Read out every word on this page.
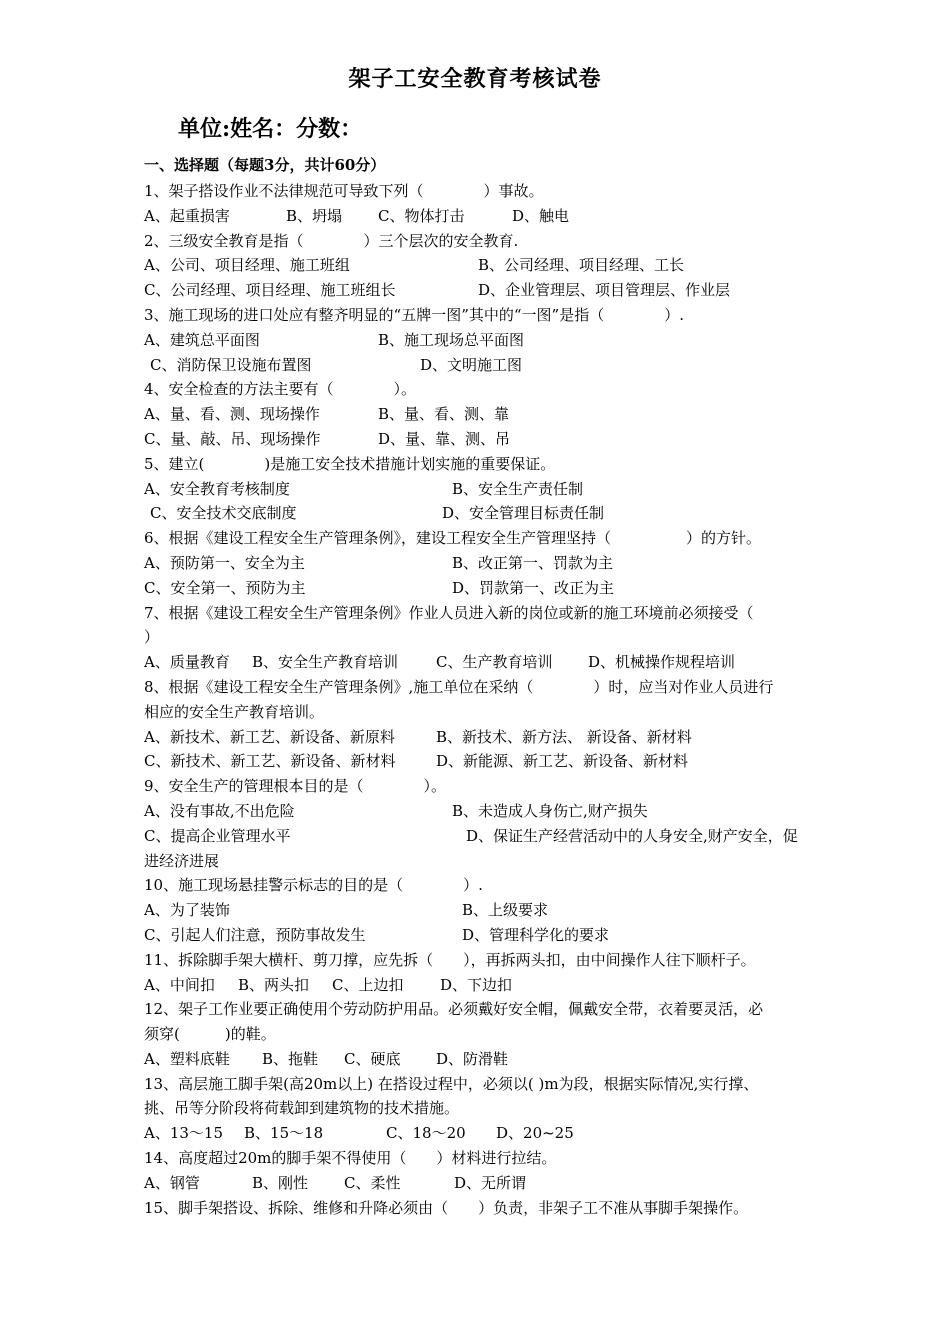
架子工安全教育考核试卷
单位:姓名：分数：
一、选择题（每题3分，共计60分）
1、架子搭设作业不法律规范可导致下列（　　　　）事故。
A、起重损害	B、坍塌 C、物体打击	D、触电
2、三级安全教育是指（　　　　）三个层次的安全教育.
A、公司、项目经理、施工班组	B、公司经理、项目经理、工长
C、公司经理、项目经理、施工班组长	D、企业管理层、项目管理层、作业层
3、施工现场的进口处应有整齐明显的“五牌一图”其中的“一图”是指（　　　　）.
A、建筑总平面图	B、施工现场总平面图
C、消防保卫设施布置图	D、文明施工图
4、安全检查的方法主要有（　　　　）。
A、量、看、测、现场操作	B、量、看、测、靠
C、量、敲、吊、现场操作	D、量、靠、测、吊
5、建立(　　　　)是施工安全技术措施计划实施的重要保证。
A、安全教育考核制度	B、安全生产责任制
C、安全技术交底制度	D、安全管理目标责任制
6、根据《建设工程安全生产管理条例》，建设工程安全生产管理坚持（　　　　　）的方针。
A、预防第一、安全为主	B、改正第一、罚款为主
C、安全第一、预防为主	D、罚款第一、改正为主
7、根据《建设工程安全生产管理条例》作业人员进入新的岗位或新的施工环境前必须接受（
）
A、质量教育 B、安全生产教育培训	C、生产教育培训 D、机械操作规程培训
8、根据《建设工程安全生产管理条例》,施工单位在采纳（　　　　）时，应当对作业人员进行
相应的安全生产教育培训。
A、新技术、新工艺、新设备、新原料	B、新技术、新方法、 新设备、新材料
C、新技术、新工艺、新设备、新材料	D、新能源、新工艺、新设备、新材料
9、安全生产的管理根本目的是（　　　　）。
A、没有事故,不出危险	B、未造成人身伤亡,财产损失
C、提高企业管理水平	D、保证生产经营活动中的人身安全,财产安全，促
进经济进展
10、施工现场悬挂警示标志的目的是（　　　　）.
A、为了装饰	B、上级要求
C、引起人们注意，预防事故发生	D、管理科学化的要求
11、拆除脚手架大横杆、剪刀撑，应先拆（　　），再拆两头扣，由中间操作人往下顺杆子。
A、中间扣 B、两头扣 C、上边扣 D、下边扣
12、架子工作业要正确使用个劳动防护用品。必须戴好安全帽，佩戴安全带，衣着要灵活，必
须穿(　　　)的鞋。
A、塑料底鞋 B、拖鞋 C、硬底 D、防滑鞋
13、高层施工脚手架(高20m以上) 在搭设过程中，必须以( )m为段，根据实际情况,实行撑、
挑、吊等分阶段将荷载卸到建筑物的技术措施。
A、13～15 B、15～18	C、18～20 D、20~25
14、高度超过20m的脚手架不得使用（　　）材料进行拉结。
A、钢管	B、刚性 C、柔性	D、无所谓
15、脚手架搭设、拆除、维修和升降必须由（　　）负责，非架子工不准从事脚手架操作。
